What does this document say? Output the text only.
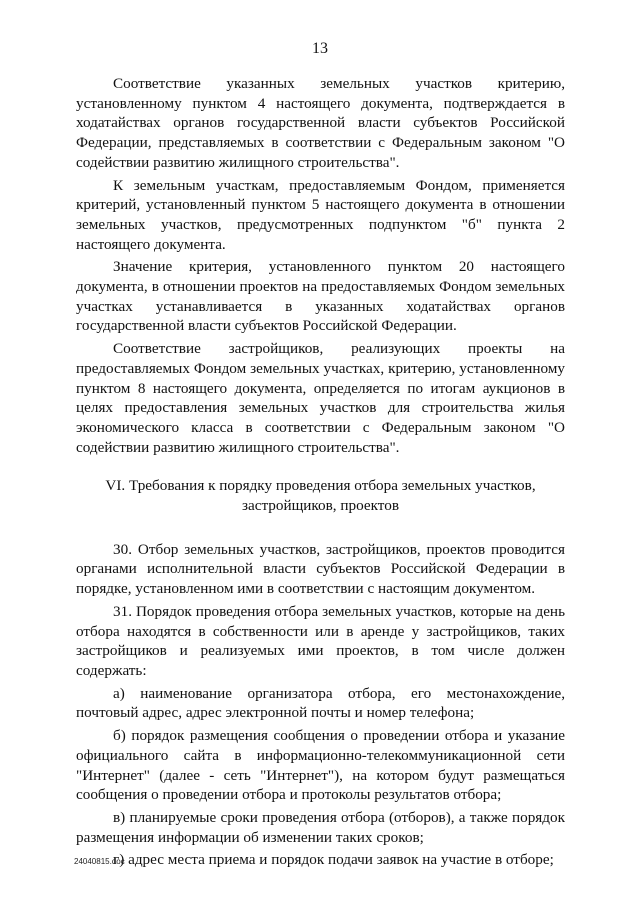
13

Соответствие указанных земельных участков критерию, установленному пунктом 4 настоящего документа, подтверждается в ходатайствах органов государственной власти субъектов Российской Федерации, представляемых в соответствии с Федеральным законом "О содействии развитию жилищного строительства".

К земельным участкам, предоставляемым Фондом, применяется критерий, установленный пунктом 5 настоящего документа в отношении земельных участков, предусмотренных подпунктом "б" пункта 2 настоящего документа.

Значение критерия, установленного пунктом 20 настоящего документа, в отношении проектов на предоставляемых Фондом земельных участках устанавливается в указанных ходатайствах органов государственной власти субъектов Российской Федерации.

Соответствие застройщиков, реализующих проекты на предоставляемых Фондом земельных участках, критерию, установленному пунктом 8 настоящего документа, определяется по итогам аукционов в целях предоставления земельных участков для строительства жилья экономического класса в соответствии с Федеральным законом "О содействии развитию жилищного строительства".

VI. Требования к порядку проведения отбора земельных участков, застройщиков, проектов

30. Отбор земельных участков, застройщиков, проектов проводится органами исполнительной власти субъектов Российской Федерации в порядке, установленном ими в соответствии с настоящим документом.

31. Порядок проведения отбора земельных участков, которые на день отбора находятся в собственности или в аренде у застройщиков, таких застройщиков и реализуемых ими проектов, в том числе должен содержать:

а) наименование организатора отбора, его местонахождение, почтовый адрес, адрес электронной почты и номер телефона;

б) порядок размещения сообщения о проведении отбора и указание официального сайта в информационно-телекоммуникационной сети "Интернет" (далее - сеть "Интернет"), на котором будут размещаться сообщения о проведении отбора и протоколы результатов отбора;

в) планируемые сроки проведения отбора (отборов), а также порядок размещения информации об изменении таких сроков;

г) адрес места приема и порядок подачи заявок на участие в отборе;

24040815.doc
